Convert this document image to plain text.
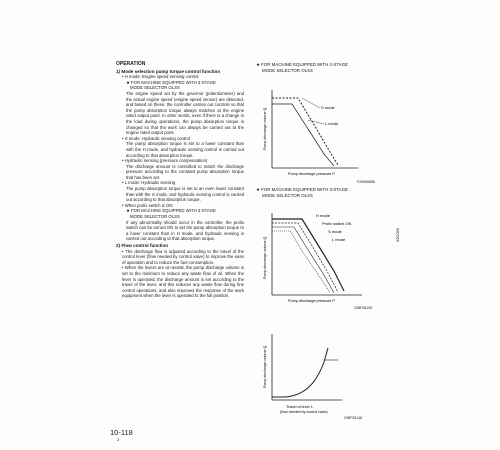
OPERATION

1) Mode selection pump torque control function

• H mode: Engine speed sensing control

★ FOR MACHINE EQUIPPED WITH 3-STAGE

MODE SELECTOR OLSS

The engine speed set by the governor (potentiometer) and the actual engine speed (engine speed sensor) are detected, and based on these, the controller carries out controls so that the pump absorption torque always matches at the engine rated output point. In other words, even if there is a change in the load during operations, the pump absorption torque is changed so that the work can always be carried out at the engine rated output point.

• S mode: Hydraulic sensing control

The pump absorption torque is set to a lower constant than with the H mode, and hydraulic sensing control is carried out according to that absorption torque.

• Hydraulic sensing (pressure compensation)

The discharge amount is controlled to match the discharge pressure according to the constant pump absorption torque that has been set.

• L mode: Hydraulic sensing

The pump absorption torque is set to an even lower constant than with the S mode, and hydraulic sensing control is carried out according to that absorption torque.

• When prolix switch is ON

★ FOR MACHINE EQUIPPED WITH 3-STAGE

MODE SELECTOR OLSS

If any abnormality should occur in the controller, the prolix switch can be turned ON to set the pump absorption torque to a lower constant than in H mode, and hydraulic sensing is carried out according to that absorption torque.

2) Flow control function

• The discharge flow is adjusted according to the travel of the control lever (flow needed by control valve) to improve the ease of operation and to reduce the fuel consumption.

• When the levers are at neutral, the pump discharge volume is set to the minimum to reduce any waste flow of oil. When the lever is operated, the discharge amount is set according to the travel of the lever, and this reduces any waste flow during fine control operations, and also improves the response of the work equipment when the lever is operated to the full position.

★ FOR MACHINE EQUIPPED WITH 2-STAGE

MODE SELECTOR OLSS

★ FOR MACHINE EQUIPPED WITH 3-STAGE

MODE SELECTOR OLSS

S mode
L mode
Pump discharge volume Q
Pump discharge pressure P
F206S6886
H mode
Prolix switch ON
S mode
L mode
Pump discharge volume Q
Pump discharge pressure P
20BF05105
Pump discharge volume Q
Travel of lever L
(flow needed by control valve)
20BF05146
03C060
10-118
2
